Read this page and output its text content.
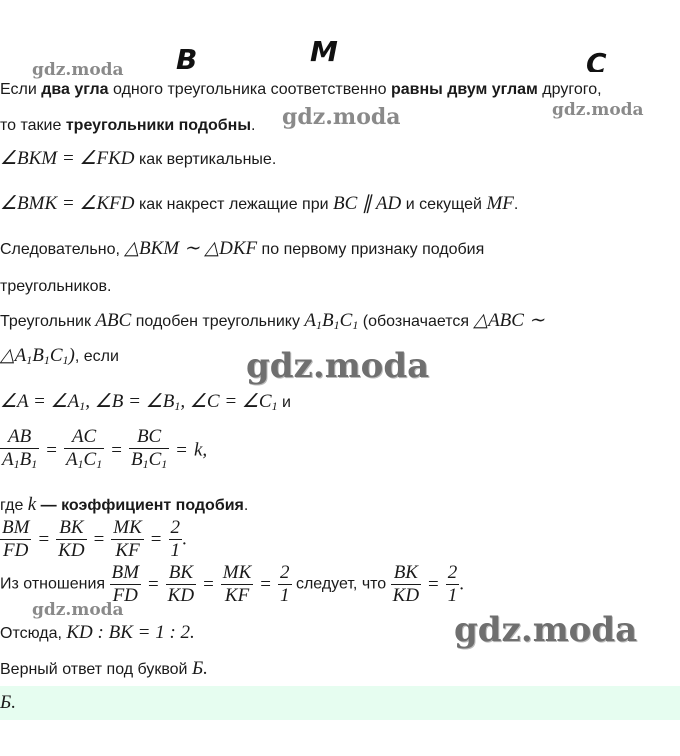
B	M	C
gdz.moda
gdz.moda	gdz.moda
gdz.moda
gdz.moda	gdz.moda
Если два угла одного треугольника соответственно равны двум углам другого,
то такие треугольники подобны.
∠BKM = ∠FKD как вертикальные.
∠BMK = ∠KFD как накрест лежащие при BC ∥ AD и секущей MF.
Следовательно, △BKM ∼ △DKF по первому признаку подобия
треугольников.
Треугольник ABC подобен треугольнику $A_1B_1C_1$ (обозначается △ABC ∼
$\triangle A_1B_1C_1$), если
∠A = $\angle A_1$, ∠B = $\angle B_1$, ∠C = $\angle C_1$ и
$\frac{AB}{A_1B_1} = \frac{AC}{A_1C_1} = \frac{BC}{B_1C_1} = k$,
где k — коэффициент подобия.
$\frac{BM}{FD} = \frac{BK}{KD} = \frac{MK}{KF} = \frac{2}{1}$ .
Из отношения $\frac{BM}{FD} = \frac{BK}{KD} = \frac{MK}{KF} = \frac{2}{1}$ следует, что $\frac{BK}{KD} = \frac{2}{1}$ .
Отсюда, KD : BK = 1 : 2.
Верный ответ под буквой Б.
Б.
